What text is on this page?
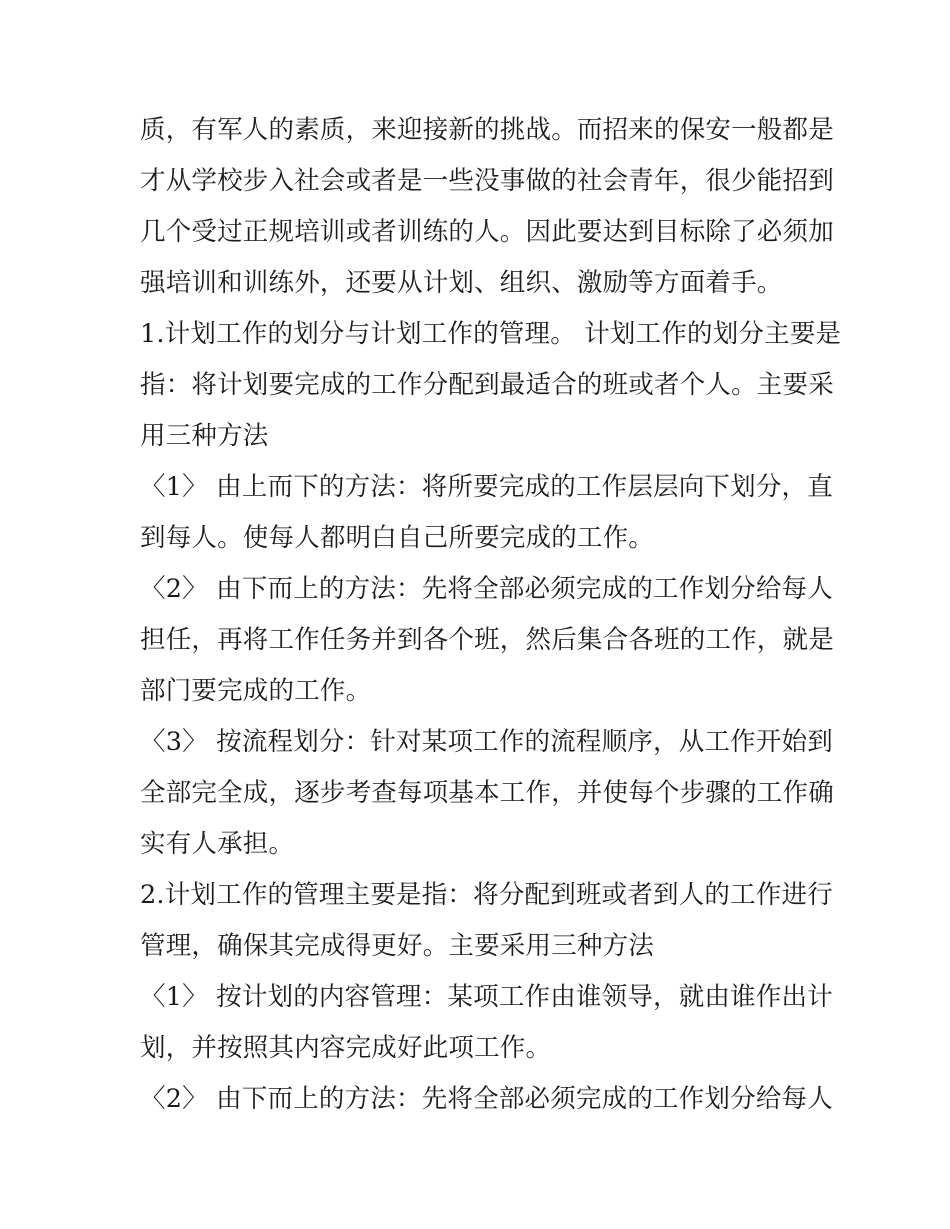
质，有军人的素质，来迎接新的挑战。而招来的保安一般都是
才从学校步入社会或者是一些没事做的社会青年，很少能招到
几个受过正规培训或者训练的人。因此要达到目标除了必须加
强培训和训练外，还要从计划、组织、激励等方面着手。
1.计划工作的划分与计划工作的管理。 计划工作的划分主要是
指：将计划要完成的工作分配到最适合的班或者个人。主要采
用三种方法
〈1〉 由上而下的方法：将所要完成的工作层层向下划分，直
到每人。使每人都明白自己所要完成的工作。
〈2〉 由下而上的方法：先将全部必须完成的工作划分给每人
担任，再将工作任务并到各个班，然后集合各班的工作，就是
部门要完成的工作。
〈3〉 按流程划分：针对某项工作的流程顺序，从工作开始到
全部完全成，逐步考查每项基本工作，并使每个步骤的工作确
实有人承担。
2.计划工作的管理主要是指：将分配到班或者到人的工作进行
管理，确保其完成得更好。主要采用三种方法
〈1〉 按计划的内容管理：某项工作由谁领导，就由谁作出计
划，并按照其内容完成好此项工作。
〈2〉 由下而上的方法：先将全部必须完成的工作划分给每人
